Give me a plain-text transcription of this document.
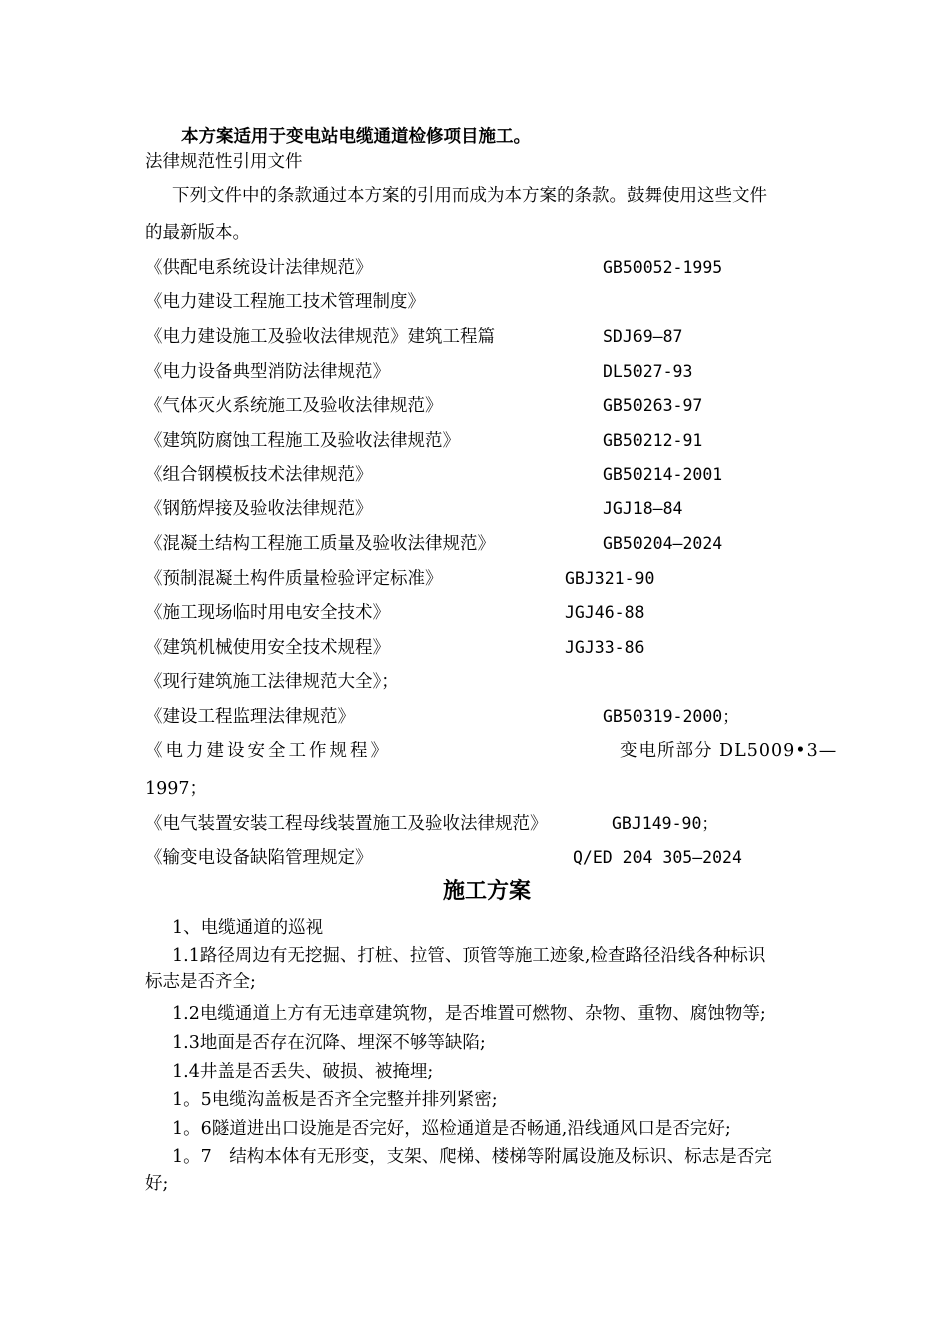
本方案适用于变电站电缆通道检修项目施工。
法律规范性引用文件
下列文件中的条款通过本方案的引用而成为本方案的条款。鼓舞使用这些文件
的最新版本。
《供配电系统设计法律规范》	GB50052-1995
《电力建设工程施工技术管理制度》
《电力建设施工及验收法律规范》建筑工程篇	SDJ69—87
《电力设备典型消防法律规范》	DL5027-93
《气体灭火系统施工及验收法律规范》	GB50263-97
《建筑防腐蚀工程施工及验收法律规范》	GB50212-91
《组合钢模板技术法律规范》	GB50214-2001
《钢筋焊接及验收法律规范》	JGJ18—84
《混凝土结构工程施工质量及验收法律规范》	GB50204—2024
《预制混凝土构件质量检验评定标准》	GBJ321-90
《施工现场临时用电安全技术》	JGJ46-88
《建筑机械使用安全技术规程》	JGJ33-86
《现行建筑施工法律规范大全》；
《建设工程监理法律规范》	GB50319-2000；
《电力建设安全工作规程》	变电所部分 DL5009•3—
1997；
《电气装置安装工程母线装置施工及验收法律规范》	GBJ149-90；
《输变电设备缺陷管理规定》	Q/ED 204 305—2024
施工方案
1、电缆通道的巡视
1.1路径周边有无挖掘、打桩、拉管、顶管等施工迹象,检查路径沿线各种标识
标志是否齐全;
1.2电缆通道上方有无违章建筑物，是否堆置可燃物、杂物、重物、腐蚀物等;
1.3地面是否存在沉降、埋深不够等缺陷;
1.4井盖是否丢失、破损、被掩埋;
1。5电缆沟盖板是否齐全完整并排列紧密;
1。6隧道进出口设施是否完好，巡检通道是否畅通,沿线通风口是否完好;
1。7　结构本体有无形变，支架、爬梯、楼梯等附属设施及标识、标志是否完
好;
